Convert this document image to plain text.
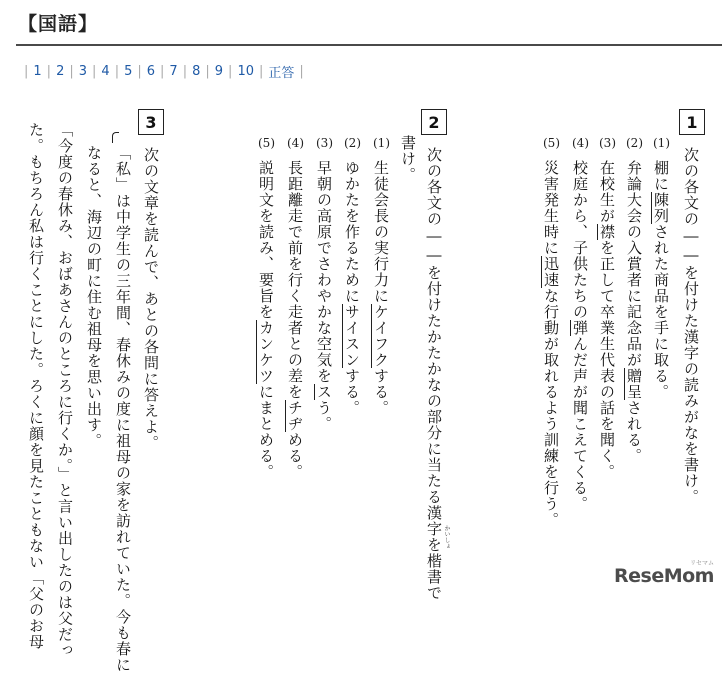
【国語】
| 1 | 2 | 3 | 4 | 5 | 6 | 7 | 8 | 9 | 10 | 正答 |
1
次の各文の――を付けた漢字の読みがなを書け。
(1)
棚に陳列された商品を手に取る。
(2)
弁論大会の入賞者に記念品が贈呈される。
(3)
在校生が襟を正して卒業生代表の話を聞く。
(4)
校庭から、子供たちの弾んだ声が聞こえてくる。
(5)
災害発生時に迅速な行動が取れるよう訓練を行う。
2
次の各文の――を付けたかたかなの部分に当たる漢字を楷書で かいしょ
書け。
(1)
生徒会長の実行力にケイフクする。
(2)
ゆかたを作るためにサイスンする。
(3)
早朝の高原でさわやかな空気をスう。
(4)
長距離走で前を行く走者との差をチヂめる。
(5)
説明文を読み、要旨をカンケツにまとめる。
3
次の文章を読んで、あとの各問に答えよ。
「私」は中学生の三年間、春休みの度に祖母の家を訪れていた。今も春に
なると、海辺の町に住む祖母を思い出す。
「今度の春休み、おばあさんのところに行くか。」と言い出したのは父だっ
た。もちろん私は行くことにした。ろくに顔を見たこともない「父のお母	ReseMom
リセマム
